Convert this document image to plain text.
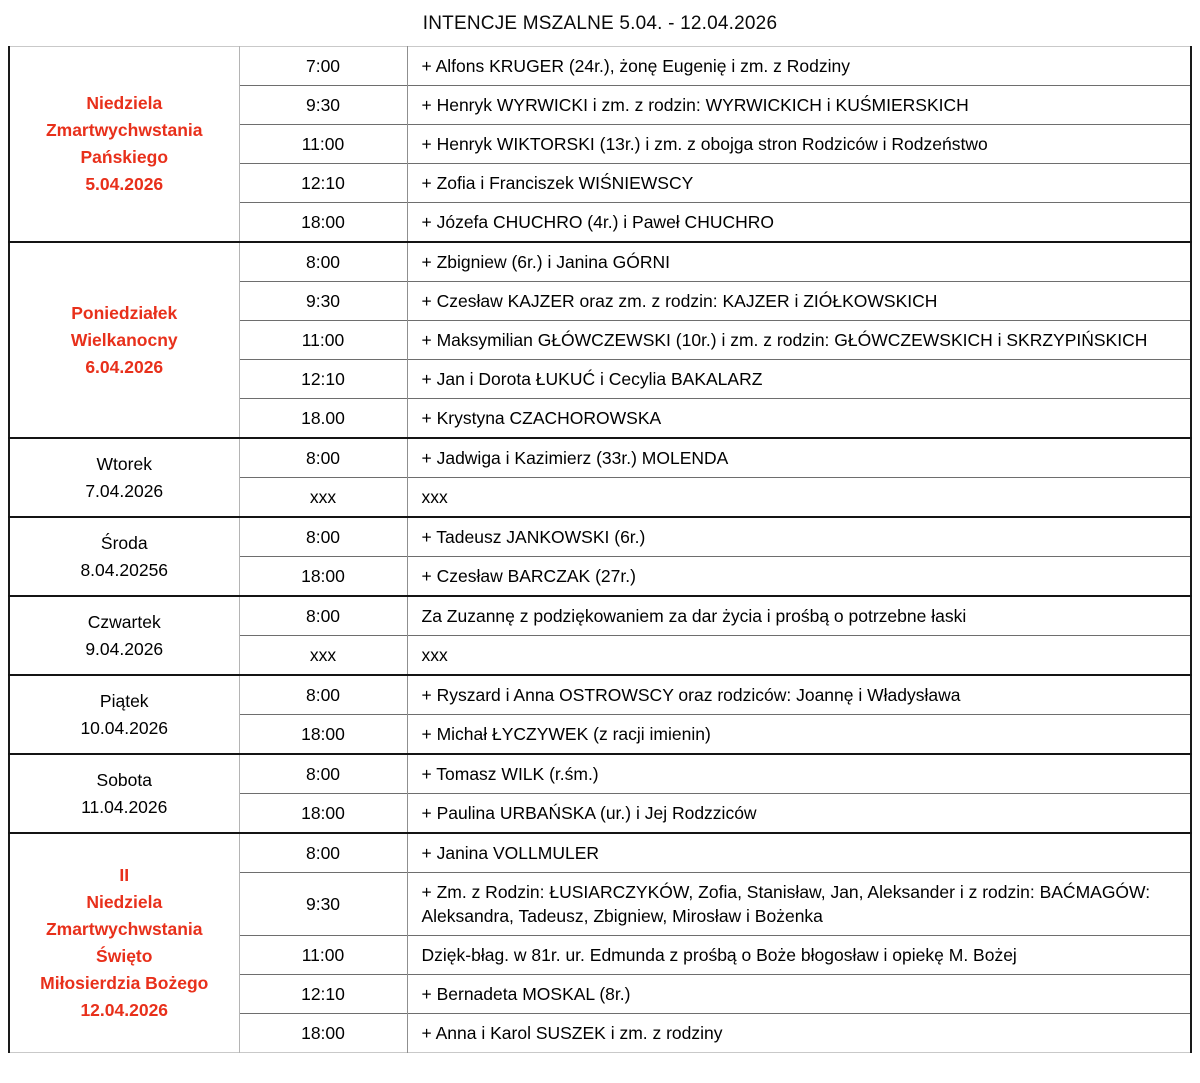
INTENCJE MSZALNE 5.04. - 12.04.2026
Niedziela
Zmartwychwstania
Pańskiego
5.04.2026	7:00	+ Alfons KRUGER (24r.), żonę Eugenię i zm. z Rodziny
	9:30	+ Henryk WYRWICKI i zm. z rodzin: WYRWICKICH i KUŚMIERSKICH
	11:00	+ Henryk WIKTORSKI (13r.) i zm. z obojga stron Rodziców i Rodzeństwo
	12:10	+ Zofia i Franciszek WIŚNIEWSCY
	18:00	+ Józefa CHUCHRO (4r.) i Paweł CHUCHRO

Poniedziałek
Wielkanocny
6.04.2026	8:00	+ Zbigniew (6r.) i Janina GÓRNI
	9:30	+ Czesław KAJZER oraz zm. z rodzin: KAJZER i ZIÓŁKOWSKICH
	11:00	+ Maksymilian GŁÓWCZEWSKI (10r.) i zm. z rodzin: GŁÓWCZEWSKICH i SKRZYPIŃSKICH
	12:10	+ Jan i Dorota ŁUKUĆ i Cecylia BAKALARZ
	18.00	+ Krystyna CZACHOROWSKA

Wtorek
7.04.2026	8:00	+ Jadwiga i Kazimierz (33r.) MOLENDA
	xxx	xxx

Środa
8.04.20256	8:00	+ Tadeusz JANKOWSKI (6r.)
	18:00	+ Czesław BARCZAK (27r.)

Czwartek
9.04.2026	8:00	Za Zuzannę z podziękowaniem za dar życia i prośbą o potrzebne łaski
	xxx	xxx

Piątek
10.04.2026	8:00	+ Ryszard i Anna OSTROWSCY oraz rodziców: Joannę i Władysława
	18:00	+ Michał ŁYCZYWEK (z racji imienin)

Sobota
11.04.2026	8:00	+ Tomasz WILK (r.śm.)
	18:00	+ Paulina URBAŃSKA (ur.) i Jej Rodzziców

II
Niedziela
Zmartwychwstania
Święto
Miłosierdzia Bożego
12.04.2026
	8:00	+ Janina VOLLMULER
	9:30	+ Zm. z Rodzin: ŁUSIARCZYKÓW, Zofia, Stanisław, Jan, Aleksander i z rodzin: BAĆMAGÓW: Aleksandra, Tadeusz, Zbigniew, Mirosław i Bożenka
	11:00	Dzięk-błag. w 81r. ur. Edmunda z prośbą o Boże błogosław i opiekę M. Bożej
	12:10	+ Bernadeta MOSKAL (8r.)
	18:00	+ Anna i Karol SUSZEK i zm. z rodziny
